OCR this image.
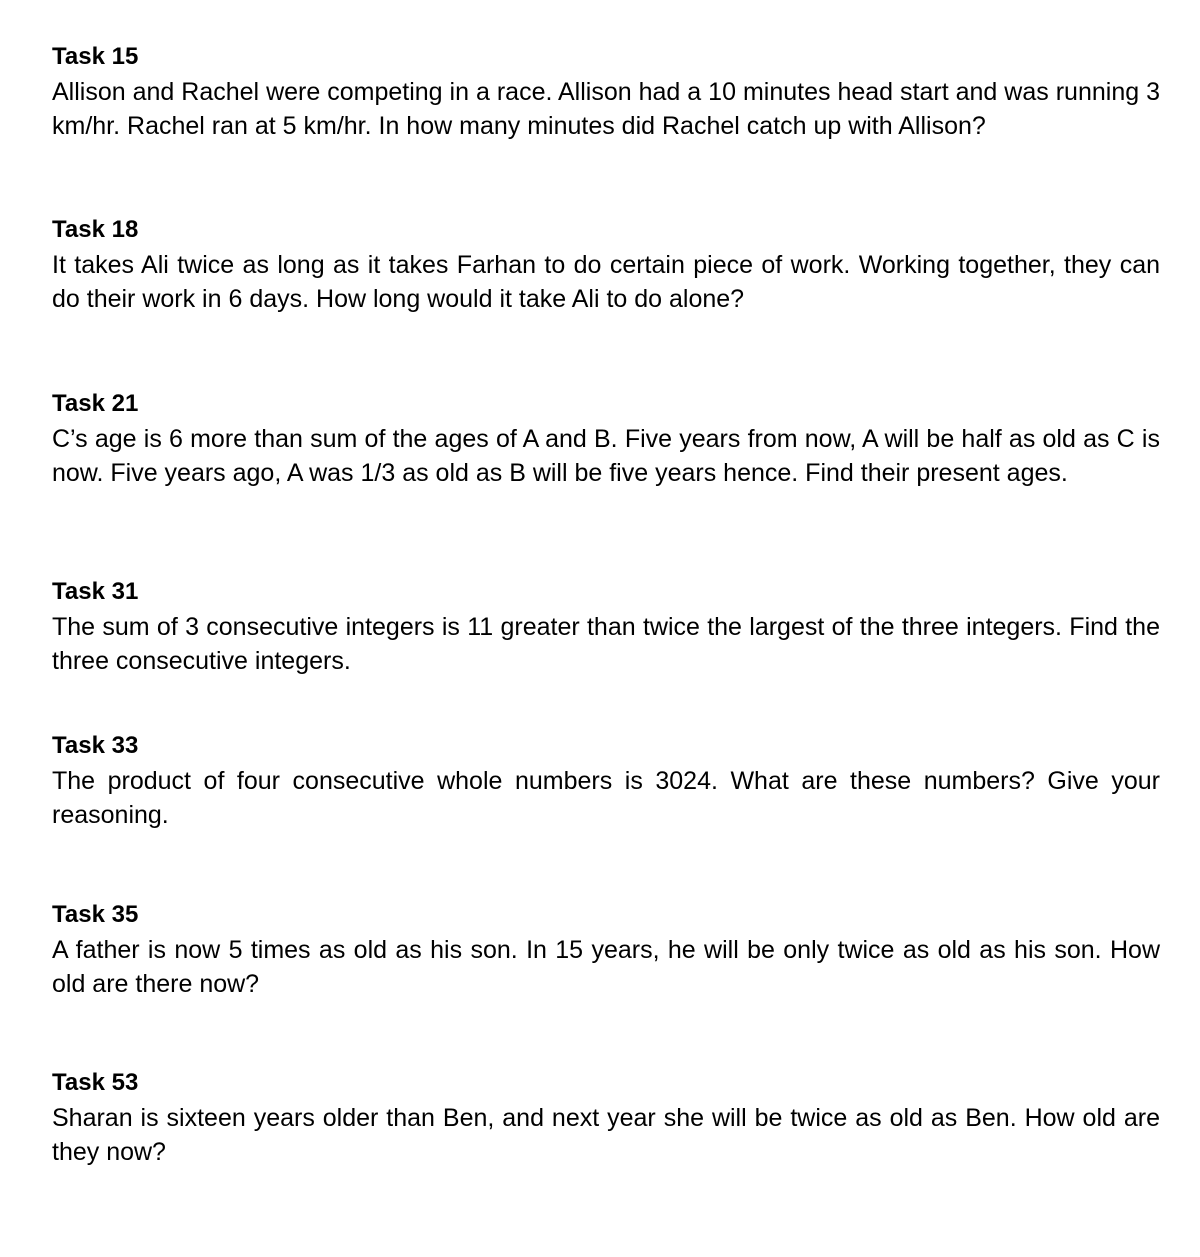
Task 15

Allison and Rachel were competing in a race. Allison had a 10 minutes head start and was running 3 km/hr. Rachel ran at 5 km/hr. In how many minutes did Rachel catch up with Allison?

Task 18

It takes Ali twice as long as it takes Farhan to do certain piece of work. Working together, they can do their work in 6 days. How long would it take Ali to do alone?

Task 21

C’s age is 6 more than sum of the ages of A and B. Five years from now, A will be half as old as C is now. Five years ago, A was 1/3 as old as B will be five years hence. Find their present ages.

Task 31

The sum of 3 consecutive integers is 11 greater than twice the largest of the three integers. Find the three consecutive integers.

Task 33

The product of four consecutive whole numbers is 3024. What are these numbers? Give your reasoning.

Task 35

A father is now 5 times as old as his son. In 15 years, he will be only twice as old as his son. How old are there now?

Task 53

Sharan is sixteen years older than Ben, and next year she will be twice as old as Ben. How old are they now?
